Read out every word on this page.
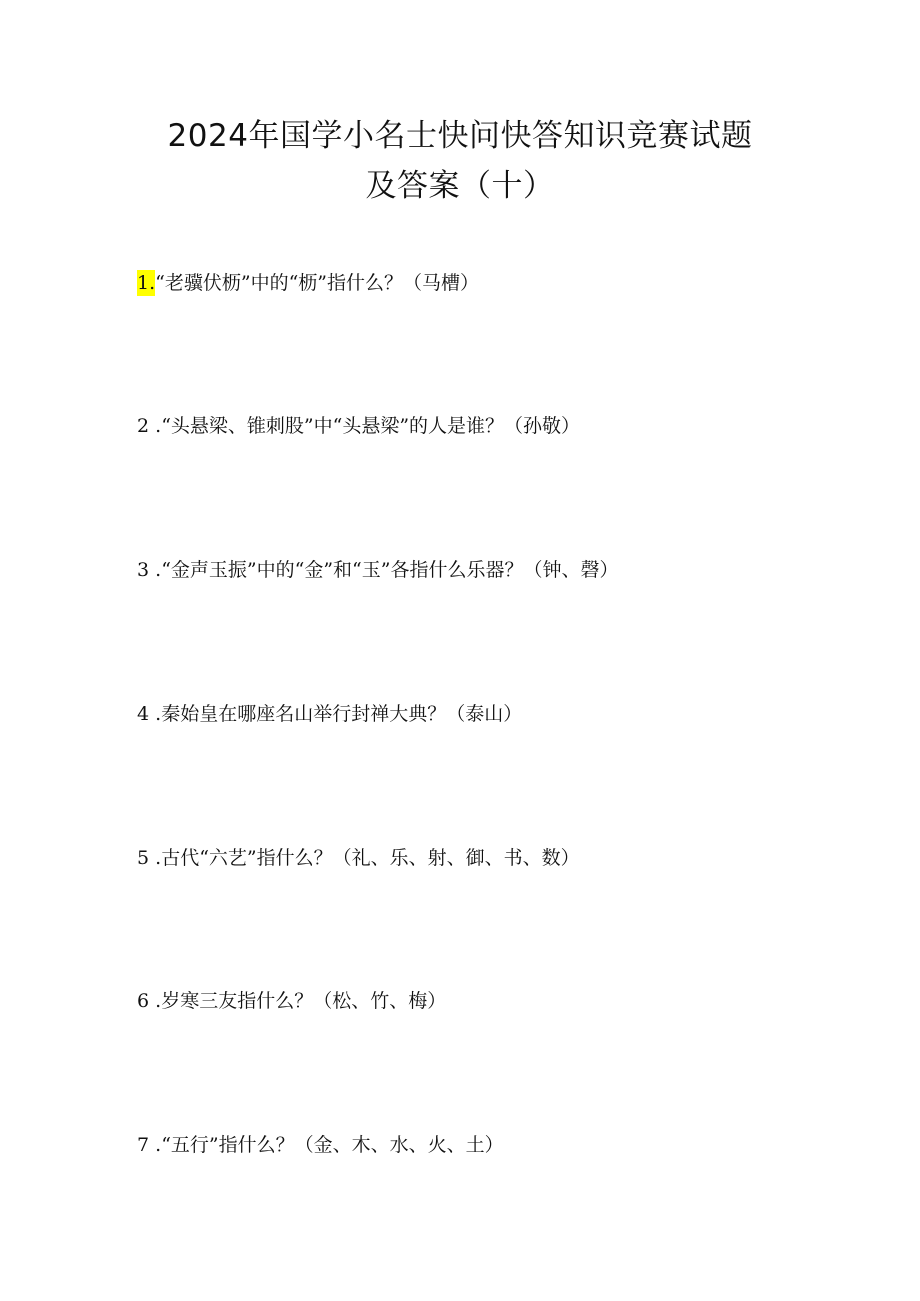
2024年国学小名士快问快答知识竞赛试题
及答案（十）
1.“老骥伏枥”中的“枥”指什么？（马槽）
2 .“头悬梁、锥刺股”中“头悬梁”的人是谁？（孙敬）
3 .“金声玉振”中的“金”和“玉”各指什么乐器？（钟、磬）
4 .秦始皇在哪座名山举行封禅大典？（泰山）
5 .古代“六艺”指什么？（礼、乐、射、御、书、数）
6 .岁寒三友指什么？（松、竹、梅）
7 .“五行”指什么？（金、木、水、火、土）
